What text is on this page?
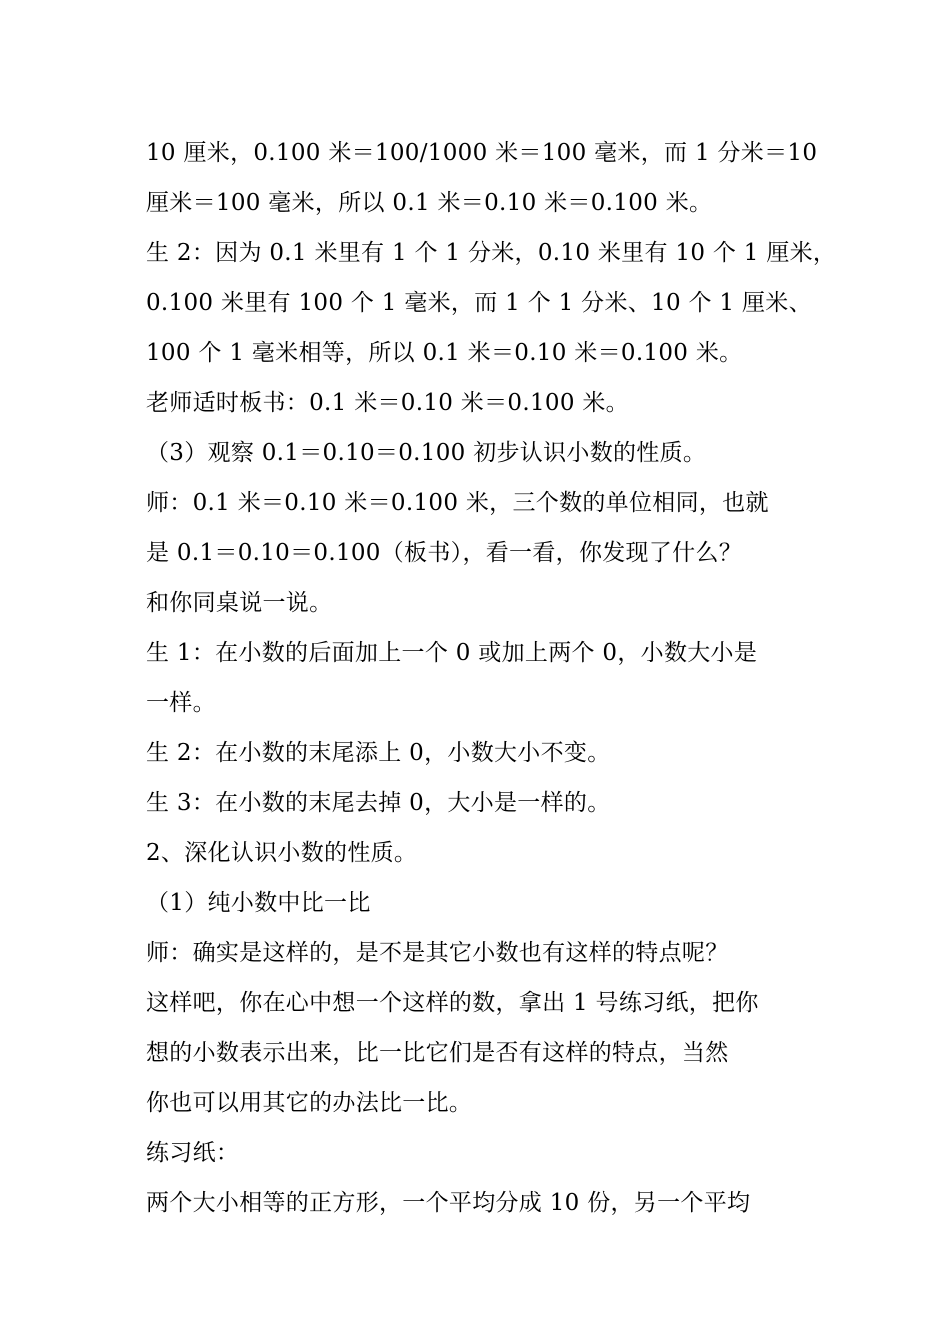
10 厘米，0.100 米＝100/1000 米＝100 毫米，而 1 分米＝10
厘米＝100 毫米，所以 0.1 米＝0.10 米＝0.100 米。
生 2：因为 0.1 米里有 1 个 1 分米，0.10 米里有 10 个 1 厘米，
0.100 米里有 100 个 1 毫米，而 1 个 1 分米、10 个 1 厘米、
100 个 1 毫米相等，所以 0.1 米＝0.10 米＝0.100 米。
老师适时板书：0.1 米＝0.10 米＝0.100 米。
（3）观察 0.1＝0.10＝0.100 初步认识小数的性质。
师：0.1 米＝0.10 米＝0.100 米，三个数的单位相同，也就
是 0.1＝0.10＝0.100（板书），看一看，你发现了什么？
和你同桌说一说。
生 1：在小数的后面加上一个 0 或加上两个 0，小数大小是
一样。
生 2：在小数的末尾添上 0，小数大小不变。
生 3：在小数的末尾去掉 0，大小是一样的。
2、深化认识小数的性质。
（1）纯小数中比一比
师：确实是这样的，是不是其它小数也有这样的特点呢？
这样吧，你在心中想一个这样的数，拿出 1 号练习纸，把你
想的小数表示出来，比一比它们是否有这样的特点，当然
你也可以用其它的办法比一比。
练习纸：
两个大小相等的正方形，一个平均分成 10 份，另一个平均
